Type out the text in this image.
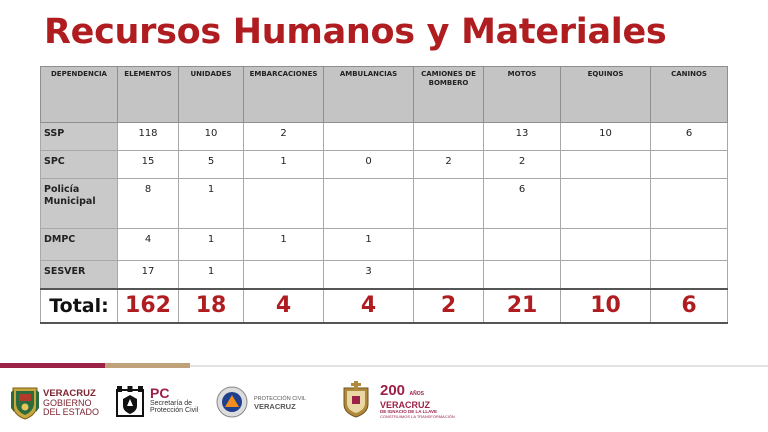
Recursos Humanos y Materiales
DEPENDENCIA	ELEMENTOS	UNIDADES	EMBARCACIONES	AMBULANCIAS	CAMIONES DE BOMBERO	MOTOS	EQUINOS	CANINOS
SSP	118	10	2			13	10	6
SPC	15	5	1	0	2	2		
Policía Municipal	8	1				6		
DMPC	4	1	1	1				
SESVER	17	1		3				
Total:	162	18	4	4	2	21	10	6
VERACRUZ
GOBIERNO
DEL ESTADO
PC
Secretaría de
Protección Civil
PROTECCIÓN CIVIL
VERACRUZ
200 AÑOS
VERACRUZ
DE IGNACIO DE LA LLAVE
CONSTRUIMOS LA TRANSFORMACIÓN
